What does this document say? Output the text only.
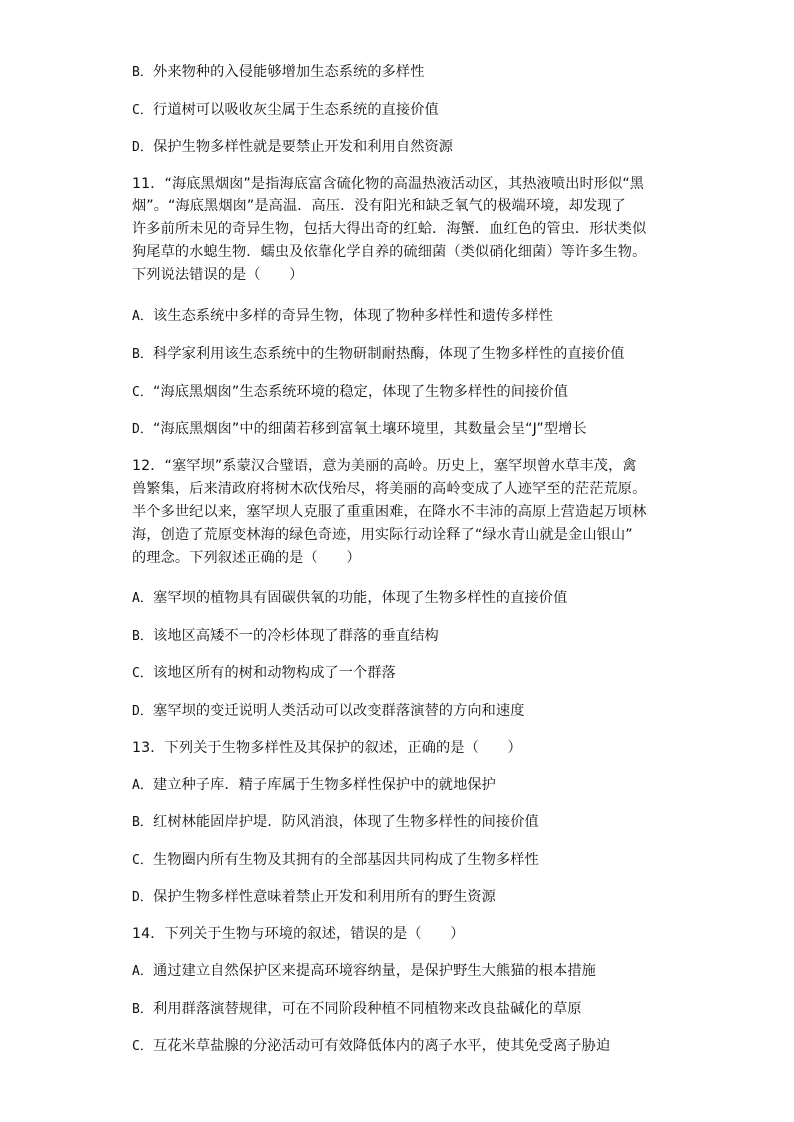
B．外来物种的入侵能够增加生态系统的多样性
C．行道树可以吸收灰尘属于生态系统的直接价值
D．保护生物多样性就是要禁止开发和利用自然资源
11．“海底黑烟囱”是指海底富含硫化物的高温热液活动区，其热液喷出时形似“黑
烟”。“海底黑烟囱”是高温．高压．没有阳光和缺乏氧气的极端环境，却发现了
许多前所未见的奇异生物，包括大得出奇的红蛤．海蟹．血红色的管虫．形状类似
狗尾草的水螅生物．蠕虫及依靠化学自养的硫细菌（类似硝化细菌）等许多生物。
下列说法错误的是（　　）
A．该生态系统中多样的奇异生物，体现了物种多样性和遗传多样性
B．科学家利用该生态系统中的生物研制耐热酶，体现了生物多样性的直接价值
C．“海底黑烟囱”生态系统环境的稳定，体现了生物多样性的间接价值
D．“海底黑烟囱”中的细菌若移到富氧土壤环境里，其数量会呈“J”型增长
12．“塞罕坝”系蒙汉合璧语，意为美丽的高岭。历史上，塞罕坝曾水草丰茂，禽
兽繁集，后来清政府将树木砍伐殆尽，将美丽的高岭变成了人迹罕至的茫茫荒原。
半个多世纪以来，塞罕坝人克服了重重困难，在降水不丰沛的高原上营造起万顷林
海，创造了荒原变林海的绿色奇迹，用实际行动诠释了“绿水青山就是金山银山”
的理念。下列叙述正确的是（　　）
A．塞罕坝的植物具有固碳供氧的功能，体现了生物多样性的直接价值
B．该地区高矮不一的冷杉体现了群落的垂直结构
C．该地区所有的树和动物构成了一个群落
D．塞罕坝的变迁说明人类活动可以改变群落演替的方向和速度
13．下列关于生物多样性及其保护的叙述，正确的是（　　）
A．建立种子库．精子库属于生物多样性保护中的就地保护
B．红树林能固岸护堤．防风消浪，体现了生物多样性的间接价值
C．生物圈内所有生物及其拥有的全部基因共同构成了生物多样性
D．保护生物多样性意味着禁止开发和利用所有的野生资源
14．下列关于生物与环境的叙述，错误的是（　　）
A．通过建立自然保护区来提高环境容纳量，是保护野生大熊猫的根本措施
B．利用群落演替规律，可在不同阶段种植不同植物来改良盐碱化的草原
C．互花米草盐腺的分泌活动可有效降低体内的离子水平，使其免受离子胁迫
